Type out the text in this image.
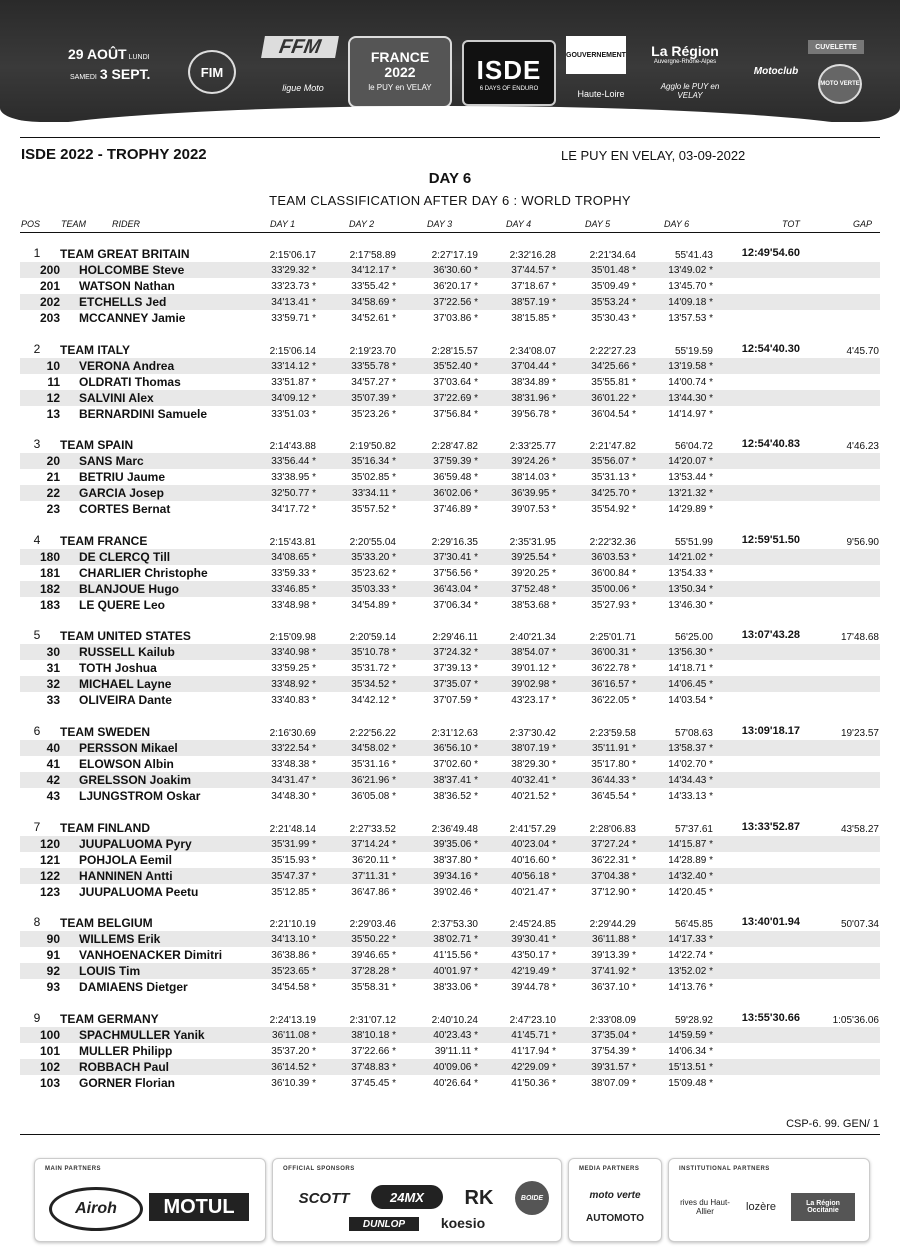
29 AOÛT LUNDI
SAMEDI 3 SEPT.	FIM
FFM
ligue Moto
FRANCE
2022
le PUY en VELAY
ISDE
6 DAYS OF ENDURO
GOUVERNEMENT La Région
Auvergne-Rhône-Alpes
Haute-Loire
Agglo le PUY en VELAY
Motoclub
CUVELETTE
MOTO VERTE
ISDE 2022 - TROPHY 2022	LE PUY EN VELAY, 03-09-2022
DAY 6
TEAM CLASSIFICATION AFTER DAY 6 : WORLD TROPHY
POS TEAM	RIDER	DAY 1	DAY 2	DAY 3	DAY 4	DAY 5	DAY 6	TOT	GAP
1	TEAM GREAT BRITAIN	2:15'06.17	2:17'58.89	2:27'17.19	2:32'16.28	2:21'34.64	55'41.43	12:49'54.60
200 HOLCOMBE Steve	33'29.32 *	34'12.17 *	36'30.60 *	37'44.57 *	35'01.48 *	13'49.02 *
201 WATSON Nathan	33'23.73 *	33'55.42 *	36'20.17 *	37'18.67 *	35'09.49 *	13'45.70 *
202 ETCHELLS Jed	34'13.41 *	34'58.69 *	37'22.56 *	38'57.19 *	35'53.24 *	14'09.18 *
203 MCCANNEY Jamie	33'59.71 *	34'52.61 *	37'03.86 *	38'15.85 *	35'30.43 *	13'57.53 *
2	TEAM ITALY	2:15'06.14	2:19'23.70	2:28'15.57	2:34'08.07	2:22'27.23	55'19.59	12:54'40.30	4'45.70
10 VERONA Andrea	33'14.12 *	33'55.78 *	35'52.40 *	37'04.44 *	34'25.66 *	13'19.58 *
11 OLDRATI Thomas	33'51.87 *	34'57.27 *	37'03.64 *	38'34.89 *	35'55.81 *	14'00.74 *
12 SALVINI Alex	34'09.12 *	35'07.39 *	37'22.69 *	38'31.96 *	36'01.22 *	13'44.30 *
13 BERNARDINI Samuele	33'51.03 *	35'23.26 *	37'56.84 *	39'56.78 *	36'04.54 *	14'14.97 *
3	TEAM SPAIN	2:14'43.88	2:19'50.82	2:28'47.82	2:33'25.77	2:21'47.82	56'04.72	12:54'40.83	4'46.23
20 SANS Marc	33'56.44 *	35'16.34 *	37'59.39 *	39'24.26 *	35'56.07 *	14'20.07 *
21 BETRIU Jaume	33'38.95 *	35'02.85 *	36'59.48 *	38'14.03 *	35'31.13 *	13'53.44 *
22 GARCIA Josep	32'50.77 *	33'34.11 *	36'02.06 *	36'39.95 *	34'25.70 *	13'21.32 *
23 CORTES Bernat	34'17.72 *	35'57.52 *	37'46.89 *	39'07.53 *	35'54.92 *	14'29.89 *
4	TEAM FRANCE	2:15'43.81	2:20'55.04	2:29'16.35	2:35'31.95	2:22'32.36	55'51.99	12:59'51.50	9'56.90
180 DE CLERCQ Till	34'08.65 *	35'33.20 *	37'30.41 *	39'25.54 *	36'03.53 *	14'21.02 *
181 CHARLIER Christophe	33'59.33 *	35'23.62 *	37'56.56 *	39'20.25 *	36'00.84 *	13'54.33 *
182 BLANJOUE Hugo	33'46.85 *	35'03.33 *	36'43.04 *	37'52.48 *	35'00.06 *	13'50.34 *
183 LE QUERE Leo	33'48.98 *	34'54.89 *	37'06.34 *	38'53.68 *	35'27.93 *	13'46.30 *
5	TEAM UNITED STATES	2:15'09.98	2:20'59.14	2:29'46.11	2:40'21.34	2:25'01.71	56'25.00	13:07'43.28	17'48.68
30 RUSSELL Kailub	33'40.98 *	35'10.78 *	37'24.32 *	38'54.07 *	36'00.31 *	13'56.30 *
31 TOTH Joshua	33'59.25 *	35'31.72 *	37'39.13 *	39'01.12 *	36'22.78 *	14'18.71 *
32 MICHAEL Layne	33'48.92 *	35'34.52 *	37'35.07 *	39'02.98 *	36'16.57 *	14'06.45 *
33 OLIVEIRA Dante	33'40.83 *	34'42.12 *	37'07.59 *	43'23.17 *	36'22.05 *	14'03.54 *
6	TEAM SWEDEN	2:16'30.69	2:22'56.22	2:31'12.63	2:37'30.42	2:23'59.58	57'08.63	13:09'18.17	19'23.57
40 PERSSON Mikael	33'22.54 *	34'58.02 *	36'56.10 *	38'07.19 *	35'11.91 *	13'58.37 *
41 ELOWSON Albin	33'48.38 *	35'31.16 *	37'02.60 *	38'29.30 *	35'17.80 *	14'02.70 *
42 GRELSSON Joakim	34'31.47 *	36'21.96 *	38'37.41 *	40'32.41 *	36'44.33 *	14'34.43 *
43 LJUNGSTROM Oskar	34'48.30 *	36'05.08 *	38'36.52 *	40'21.52 *	36'45.54 *	14'33.13 *
7	TEAM FINLAND	2:21'48.14	2:27'33.52	2:36'49.48	2:41'57.29	2:28'06.83	57'37.61	13:33'52.87	43'58.27
120 JUUPALUOMA Pyry	35'31.99 *	37'14.24 *	39'35.06 *	40'23.04 *	37'27.24 *	14'15.87 *
121 POHJOLA Eemil	35'15.93 *	36'20.11 *	38'37.80 *	40'16.60 *	36'22.31 *	14'28.89 *
122 HANNINEN Antti	35'47.37 *	37'11.31 *	39'34.16 *	40'56.18 *	37'04.38 *	14'32.40 *
123 JUUPALUOMA Peetu	35'12.85 *	36'47.86 *	39'02.46 *	40'21.47 *	37'12.90 *	14'20.45 *
8	TEAM BELGIUM	2:21'10.19	2:29'03.46	2:37'53.30	2:45'24.85	2:29'44.29	56'45.85	13:40'01.94	50'07.34
90 WILLEMS Erik	34'13.10 *	35'50.22 *	38'02.71 *	39'30.41 *	36'11.88 *	14'17.33 *
91 VANHOENACKER Dimitri	36'38.86 *	39'46.65 *	41'15.56 *	43'50.17 *	39'13.39 *	14'22.74 *
92 LOUIS Tim	35'23.65 *	37'28.28 *	40'01.97 *	42'19.49 *	37'41.92 *	13'52.02 *
93 DAMIAENS Dietger	34'54.58 *	35'58.31 *	38'33.06 *	39'44.78 *	36'37.10 *	14'13.76 *
9	TEAM GERMANY	2:24'13.19	2:31'07.12	2:40'10.24	2:47'23.10	2:33'08.09	59'28.92	13:55'30.66	1:05'36.06
100 SPACHMULLER Yanik	36'11.08 *	38'10.18 *	40'23.43 *	41'45.71 *	37'35.04 *	14'59.59 *
101 MULLER Philipp	35'37.20 *	37'22.66 *	39'11.11 *	41'17.94 *	37'54.39 *	14'06.34 *
102 ROBBACH Paul	36'14.52 *	37'48.83 *	40'09.06 *	42'29.09 *	39'31.57 *	15'13.51 *
103 GORNER Florian	36'10.39 *	37'45.45 *	40'26.64 *	41'50.36 *	38'07.09 *	15'09.48 *
CSP-6. 99. GEN/ 1
MAIN PARTNERS
Airoh	MOTUL
OFFICIAL SPONSORS
SCOTT	24MX	RK	BOIDE
DUNLOP	koesio
MEDIA PARTNERS
moto verte
AUTOMOTO
INSTITUTIONAL PARTNERS
rives du Haut-Allier	lozère	La Région Occitanie
